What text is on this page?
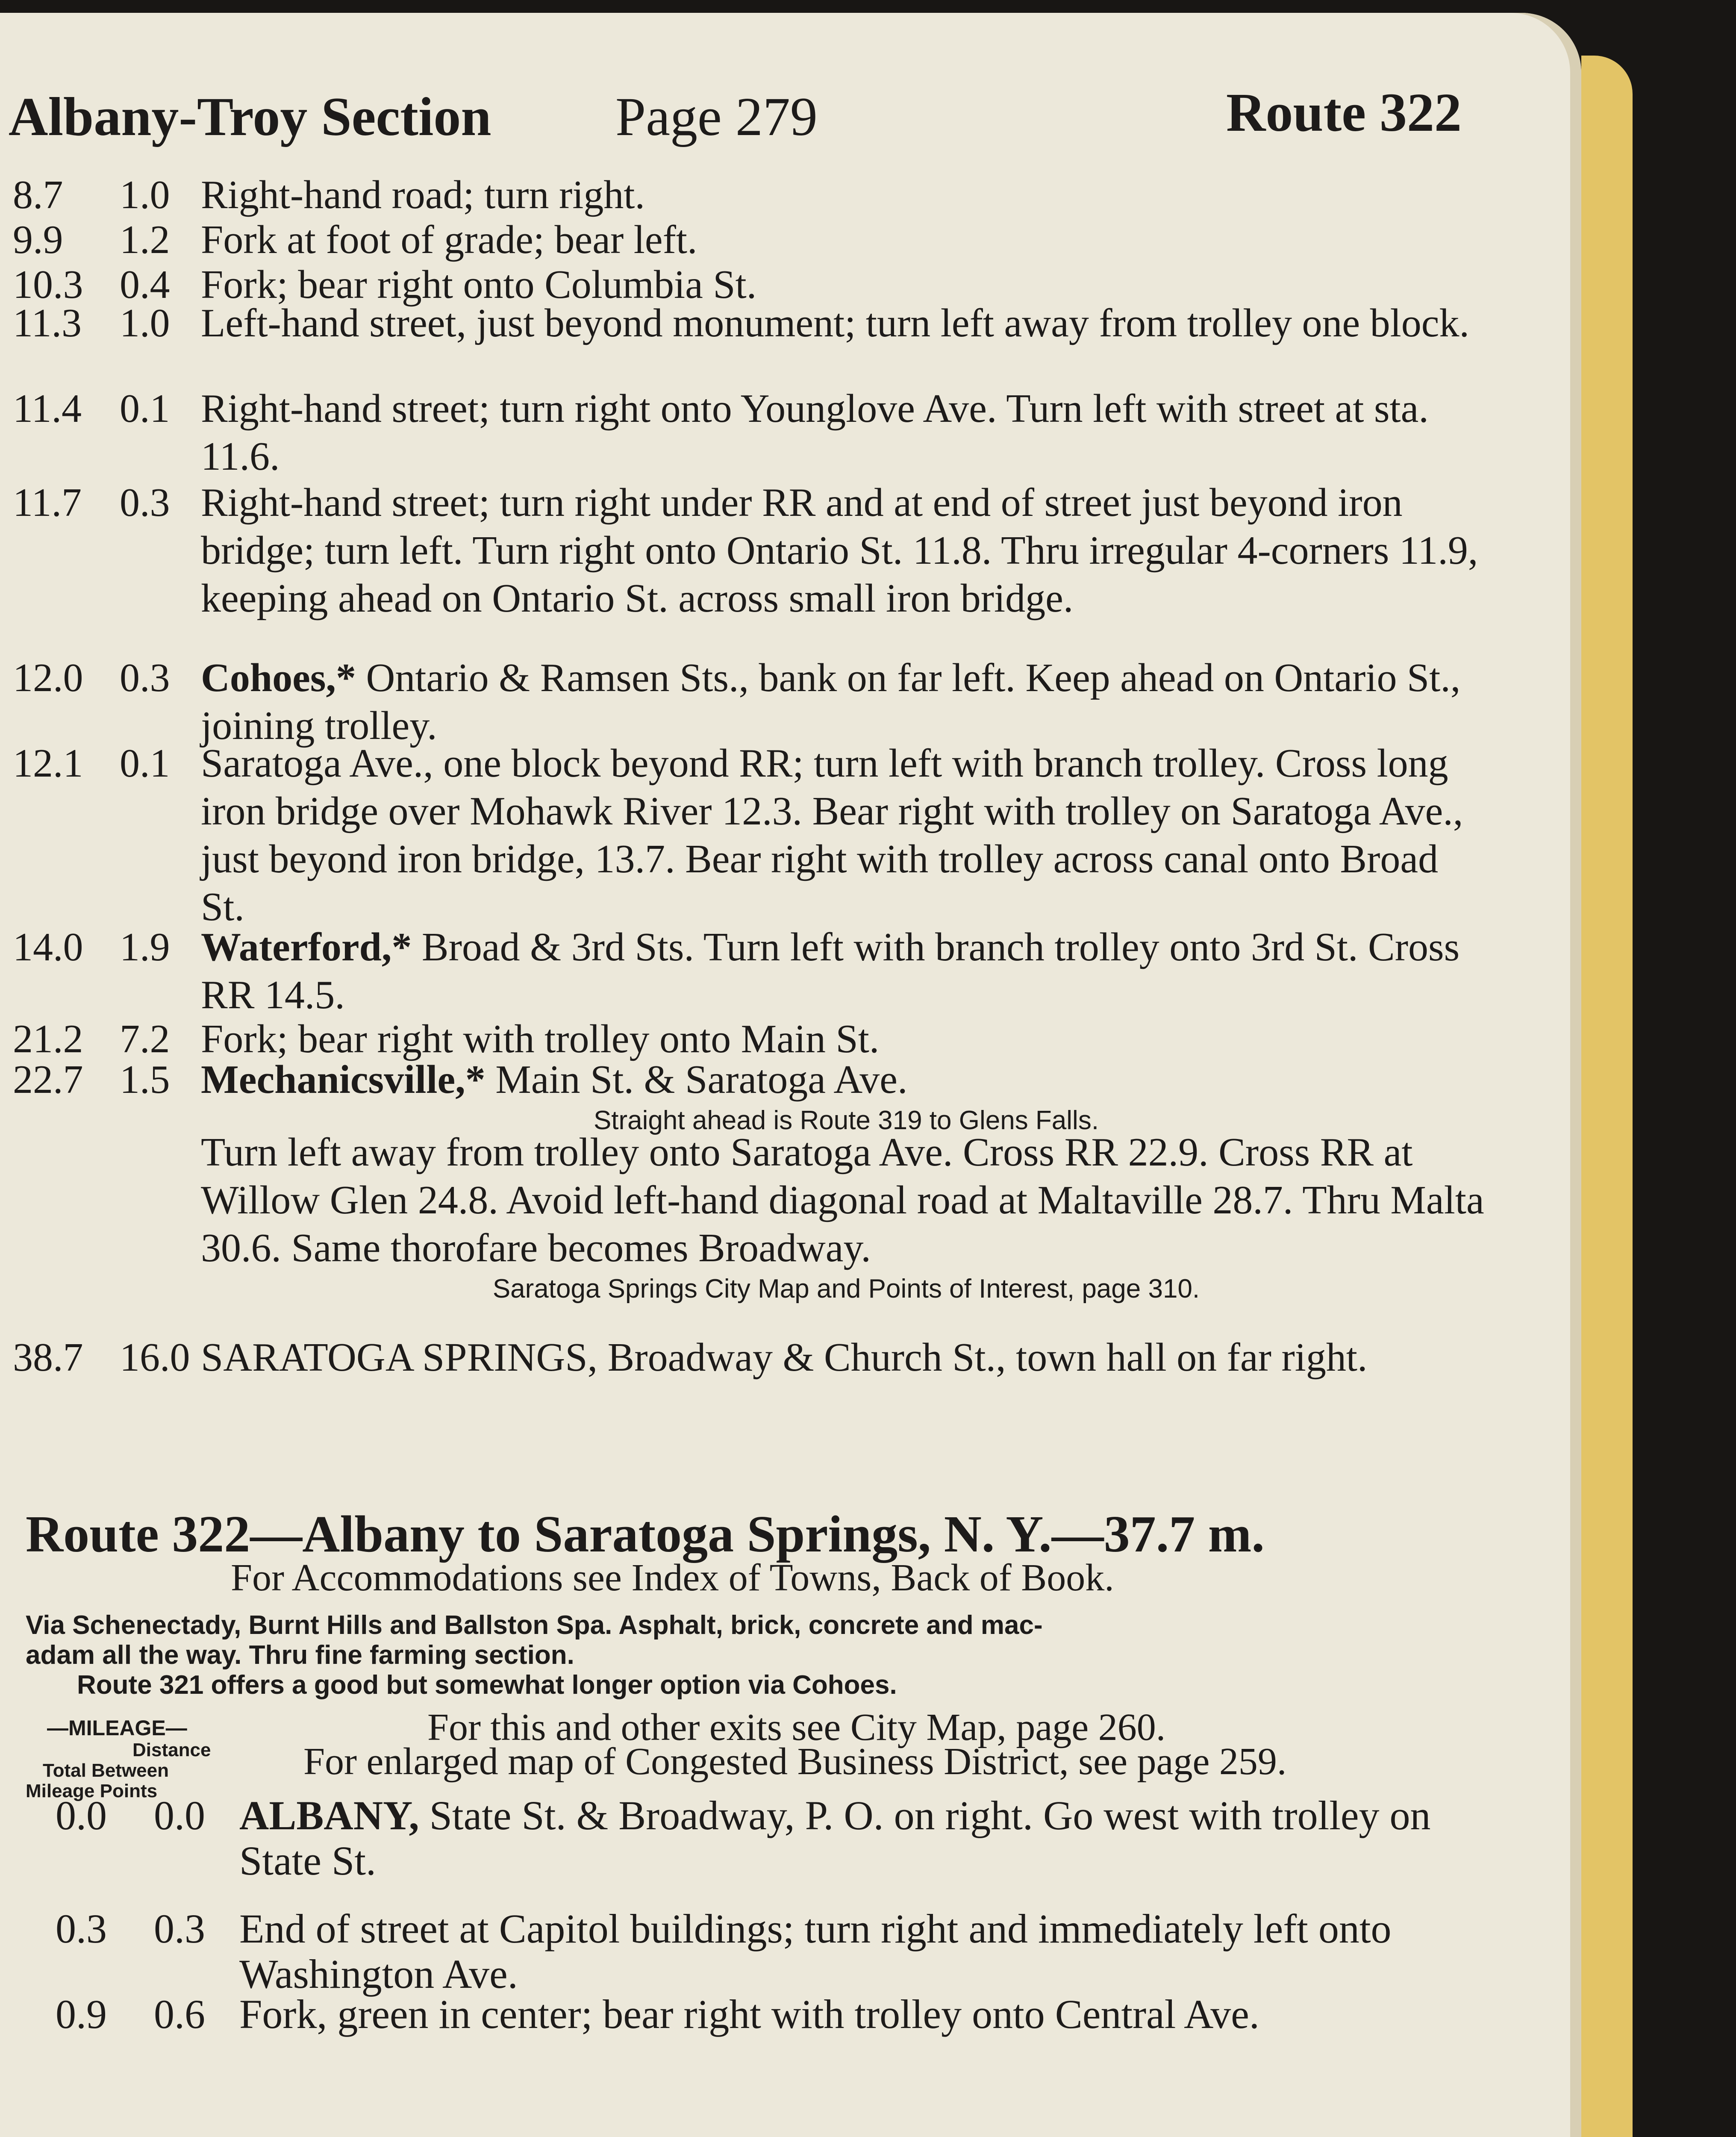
Albany-Troy Section Page 279	Route 322
8.7	1.0 Right-hand road; turn right.
9.9	1.2 Fork at foot of grade; bear left.
10.3 0.4 Fork; bear right onto Columbia St.
11.3 1.0 Left-hand street, just beyond monument; turn left away from trolley one block.
11.4 0.1 Right-hand street; turn right onto Younglove Ave. Turn left with street at sta. 11.6.
11.7 0.3 Right-hand street; turn right under RR and at end of street just beyond iron bridge; turn left. Turn right onto Ontario St. 11.8. Thru irregular 4-corners 11.9, keeping ahead on Ontario St. across small iron bridge.
12.0 0.3 Cohoes,* Ontario & Ramsen Sts., bank on far left. Keep ahead on Ontario St., joining trolley.
12.1 0.1 Saratoga Ave., one block beyond RR; turn left with branch trolley. Cross long iron bridge over Mohawk River 12.3. Bear right with trolley on Saratoga Ave., just beyond iron bridge, 13.7. Bear right with trolley across canal onto Broad St.
14.0 1.9 Waterford,* Broad & 3rd Sts. Turn left with branch trolley onto 3rd St. Cross RR 14.5.
21.2 7.2 Fork; bear right with trolley onto Main St.
22.7 1.5 Mechanicsville,* Main St. & Saratoga Ave.
Straight ahead is Route 319 to Glens Falls.
Turn left away from trolley onto Saratoga Ave. Cross RR 22.9. Cross RR at Willow Glen 24.8. Avoid left-hand diagonal road at Maltaville 28.7. Thru Malta 30.6. Same thorofare becomes Broadway.
Saratoga Springs City Map and Points of Interest, page 310.
38.7 16.0 SARATOGA SPRINGS, Broadway & Church St., town hall on far right.
Route 322—Albany to Saratoga Springs, N. Y.—37.7 m.
For Accommodations see Index of Towns, Back of Book.
Via Schenectady, Burnt Hills and Ballston Spa. Asphalt, brick, concrete and mac-
adam all the way. Thru fine farming section.
Route 321 offers a good but somewhat longer option via Cohoes.
—MILEAGE—
Distance
Total Between
Mileage Points
For this and other exits see City Map, page 260.
For enlarged map of Congested Business District, see page 259.
0.0 0.0 ALBANY, State St. & Broadway, P. O. on right. Go west with trolley on State St.
0.3 0.3 End of street at Capitol buildings; turn right and immediately left onto Washington Ave.
0.9 0.6 Fork, green in center; bear right with trolley onto Central Ave.
